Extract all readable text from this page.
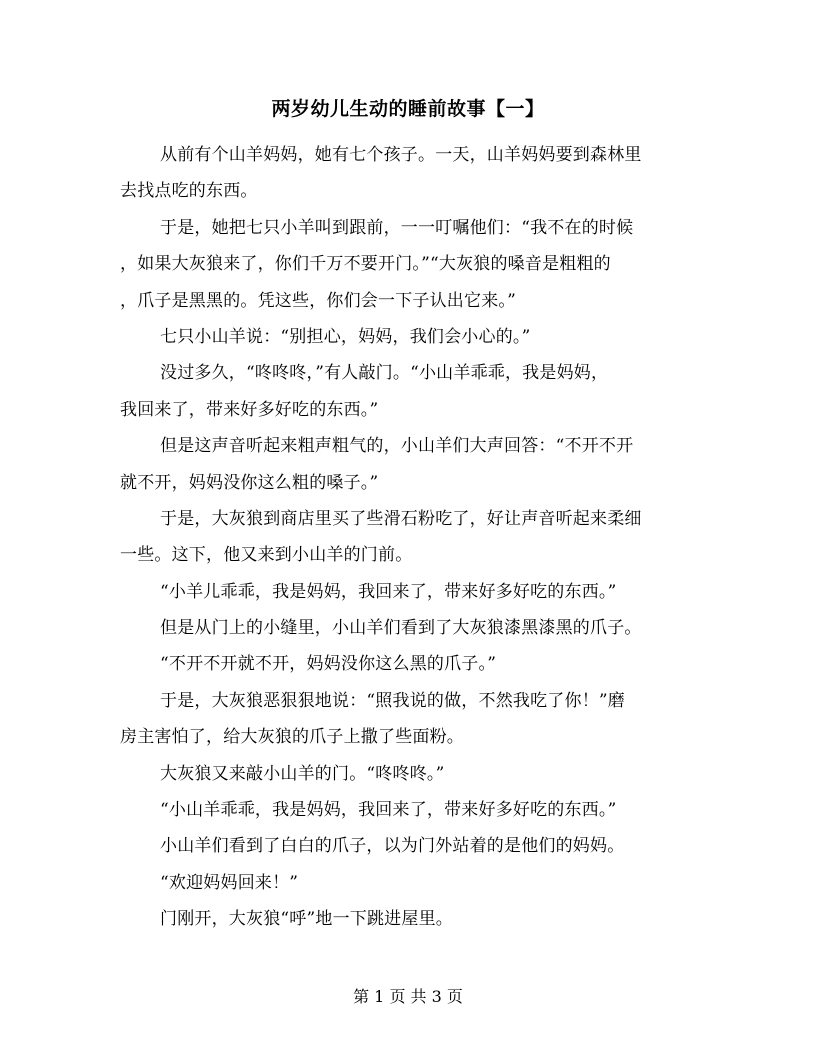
两岁幼儿生动的睡前故事【一】

从前有个山羊妈妈，她有七个孩子。一天，山羊妈妈要到森林里
去找点吃的东西。

于是，她把七只小羊叫到跟前，一一叮嘱他们：“我不在的时候
，如果大灰狼来了，你们千万不要开门。”“大灰狼的嗓音是粗粗的
，爪子是黑黑的。凭这些，你们会一下子认出它来。”

七只小山羊说：“别担心，妈妈，我们会小心的。”

没过多久，“咚咚咚，”有人敲门。“小山羊乖乖，我是妈妈，
我回来了，带来好多好吃的东西。”

但是这声音听起来粗声粗气的，小山羊们大声回答：“不开不开
就不开，妈妈没你这么粗的嗓子。”

于是，大灰狼到商店里买了些滑石粉吃了，好让声音听起来柔细
一些。这下，他又来到小山羊的门前。

“小羊儿乖乖，我是妈妈，我回来了，带来好多好吃的东西。”

但是从门上的小缝里，小山羊们看到了大灰狼漆黑漆黑的爪子。

“不开不开就不开，妈妈没你这么黑的爪子。”

于是，大灰狼恶狠狠地说：“照我说的做，不然我吃了你！”磨
房主害怕了，给大灰狼的爪子上撒了些面粉。

大灰狼又来敲小山羊的门。“咚咚咚。”

“小山羊乖乖，我是妈妈，我回来了，带来好多好吃的东西。”

小山羊们看到了白白的爪子，以为门外站着的是他们的妈妈。

“欢迎妈妈回来！”

门刚开，大灰狼“呼”地一下跳进屋里。

第 1 页 共 3 页
